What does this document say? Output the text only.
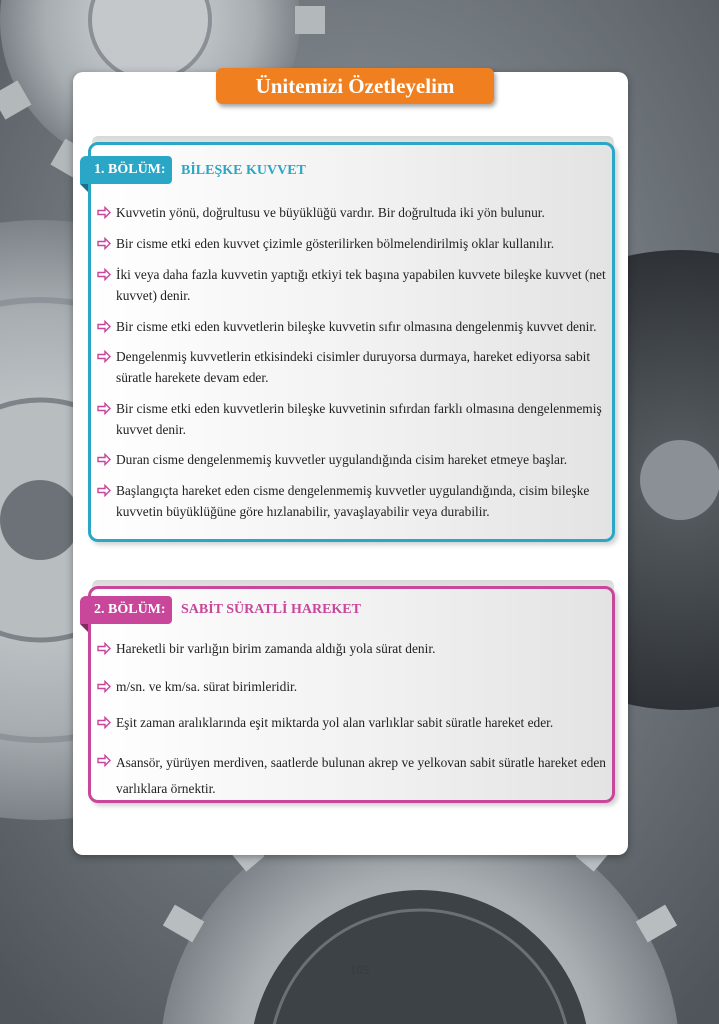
Ünitemizi Özetleyelim
1. BÖLÜM:	BİLEŞKE KUVVET
Kuvvetin yönü, doğrultusu ve büyüklüğü vardır. Bir doğrultuda iki yön bulunur.
Bir cisme etki eden kuvvet çizimle gösterilirken bölmelendirilmiş oklar kullanılır.
İki veya daha fazla kuvvetin yaptığı etkiyi tek başına yapabilen kuvvete bileşke kuvvet (net kuvvet) denir.
Bir cisme etki eden kuvvetlerin bileşke kuvvetin sıfır olmasına dengelenmiş kuvvet denir.
Dengelenmiş kuvvetlerin etkisindeki cisimler duruyorsa durmaya, hareket ediyorsa sabit süratle harekete devam eder.
Bir cisme etki eden kuvvetlerin bileşke kuvvetinin sıfırdan farklı olmasına dengelenmemiş kuvvet denir.
Duran cisme dengelenmemiş kuvvetler uygulandığında cisim hareket etmeye başlar.
Başlangıçta hareket eden cisme dengelenmemiş kuvvetler uygulandığında, cisim bileşke kuvvetin büyüklüğüne göre hızlanabilir, yavaşlayabilir veya durabilir.
2. BÖLÜM:	SABİT SÜRATLİ HAREKET
Hareketli bir varlığın birim zamanda aldığı yola sürat denir.
m/sn. ve km/sa. sürat birimleridir.
Eşit zaman aralıklarında eşit miktarda yol alan varlıklar sabit süratle hareket eder.
Asansör, yürüyen merdiven, saatlerde bulunan akrep ve yelkovan sabit süratle hareket eden varlıklara örnektir.
105
